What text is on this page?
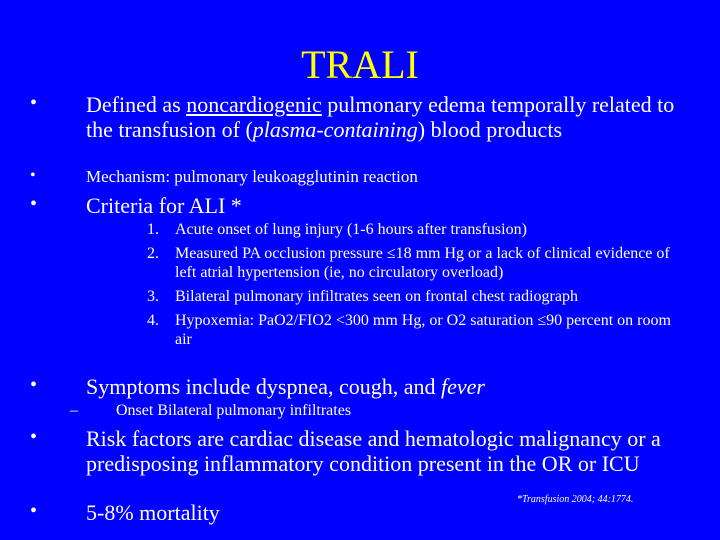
TRALI
• Defined as noncardiogenic pulmonary edema temporally related to the transfusion of (plasma-containing) blood products
•	Mechanism: pulmonary leukoagglutinin reaction
• Criteria for ALI *
1. Acute onset of lung injury (1-6 hours after transfusion)
2. Measured PA occlusion pressure ≤18 mm Hg or a lack of clinical evidence of left atrial hypertension (ie, no circulatory overload)
3. Bilateral pulmonary infiltrates seen on frontal chest radiograph
4. Hypoxemia: PaO2/FIO2 <300 mm Hg, or O2 saturation ≤90 percent on room air
• Symptoms include dyspnea, cough, and fever
– Onset Bilateral pulmonary infiltrates
• Risk factors are cardiac disease and hematologic malignancy or a predisposing inflammatory condition present in the OR or ICU
• 5-8% mortality
*Transfusion 2004; 44:1774.
